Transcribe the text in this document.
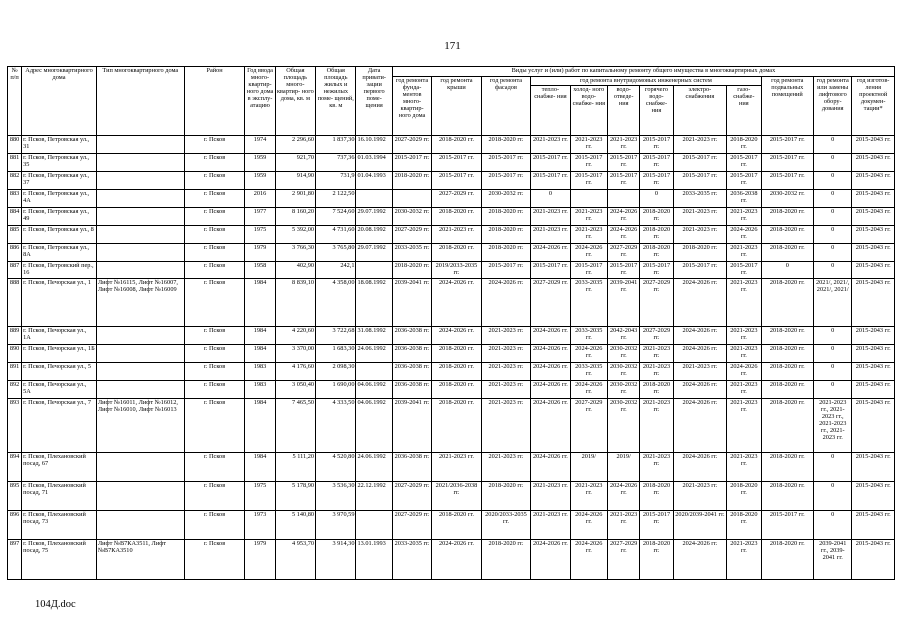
171
№ п/п	Адрес многоквартирного дома	Тип многоквартирного дома	Район	Год ввода много- квартир- ного дома в эксплу- атацию	Общая площадь много- квартир- ного дома, кв. м	Общая площадь жилых и нежилых поме- щений, кв. м	Дата привати- зации первого поме- щения	Виды услуг и (или) работ по капитальному ремонту общего имущества в многоквартирных домах											
								год ремонта фунда- ментов много- квартир- ного дома	год ремонта крыши	год ремонта фасадов	год ремонта внутридомовых инженерных систем						год ремонта подвальных помещений	год ремонта или замены лифтового обору- дования	год изготов- ления проектной докумен- тации*
											тепло- снабже- ния	холод- ного водо- снабже- ния	водо- отведе- ния	горячего водо- снабже- ния	электро- снабжения	газо- снабже- ния			
880	г. Псков, Петровская ул., 31		г. Псков	1974	2 296,60	1 837,30	16.10.1992	2027-2029 гг.	2018-2020 гг.	2018-2020 гг.	2021-2023 гг.	2021-2023 гг.	2021-2023 гг.	2015-2017 гг.	2021-2023 гг.	2018-2020 гг.	2015-2017 гг.	0	2015-2043 гг.
881	г. Псков, Петровская ул., 35		г. Псков	1959	921,70	737,36	01.03.1994	2015-2017 гг.	2015-2017 гг.	2015-2017 гг.	2015-2017 гг.	2015-2017 гг.	2015-2017 гг.	2015-2017 гг.	2015-2017 гг.	2015-2017 гг.	2015-2017 гг.	0	2015-2043 гг.
882	г. Псков, Петровская ул., 37		г. Псков	1959	914,90	731,9	01.04.1993	2018-2020 гг.	2015-2017 гг.	2015-2017 гг.	2015-2017 гг.	2015-2017 гг.	2015-2017 гг.	2015-2017 гг.	2015-2017 гг.	2015-2017 гг.	2015-2017 гг.	0	2015-2043 гг.
883	г. Псков, Петровская ул., 4А		г. Псков	2016	2 901,80	2 122,50			2027-2029 гг.	2030-2032 гг.	0			0	2033-2035 гг.	2036-2038 гг.	2030-2032 гг.	0	2015-2043 гг.
884	г. Псков, Петровская ул., 49		г. Псков	1977	8 160,20	7 524,60	29.07.1992	2030-2032 гг.	2018-2020 гг.	2018-2020 гг.	2021-2023 гг.	2021-2023 гг.	2024-2026 гг.	2018-2020 гг.	2021-2023 гг.	2021-2023 гг.	2018-2020 гг.	0	2015-2043 гг.
885	г. Псков, Петровская ул., 8		г. Псков	1975	5 392,00	4 731,60	20.08.1992	2027-2029 гг.	2021-2023 гг.	2018-2020 гг.	2021-2023 гг.	2021-2023 гг.	2024-2026 гг.	2018-2020 гг.	2021-2023 гг.	2024-2026 гг.	2018-2020 гг.	0	2015-2043 гг.
886	г. Псков, Петровская ул., 8А		г. Псков	1979	3 766,30	3 765,80	29.07.1992	2033-2035 гг.	2018-2020 гг.	2018-2020 гг.	2024-2026 гг.	2024-2026 гг.	2027-2029 гг.	2018-2020 гг.	2018-2020 гг.	2021-2023 гг.	2018-2020 гг.	0	2015-2043 гг.
887	г. Псков, Петровский пер., 16		г. Псков	1958	402,90	242,1		2018-2020 гг.	2019/2033-2035 гг.	2015-2017 гг.	2015-2017 гг.	2015-2017 гг.	2015-2017 гг.	2015-2017 гг.	2015-2017 гг.	2015-2017 гг.	0	0	2015-2043 гг.
888	г. Псков, Печорская ул., 1	Лифт №16115, Лифт №16007, Лифт №16008, Лифт №16009	г. Псков	1984	8 839,10	4 358,00	18.08.1992	2039-2041 гг.	2024-2026 гг.	2024-2026 гг.	2027-2029 гг.	2033-2035 гг.	2039-2041 гг.	2027-2029 гг.	2024-2026 гг.	2021-2023 гг.	2018-2020 гг.	2021/, 2021/, 2021/, 2021/	2015-2043 гг.
889	г. Псков, Печорская ул., 1А		г. Псков	1984	4 220,60	3 722,68	31.08.1992	2036-2038 гг.	2024-2026 гг.	2021-2023 гг.	2024-2026 гг.	2033-2035 гг.	2042-2043 гг.	2027-2029 гг.	2024-2026 гг.	2021-2023 гг.	2018-2020 гг.	0	2015-2043 гг.
890	г. Псков, Печорская ул., 1Б		г. Псков	1984	3 370,00	1 683,30	24.06.1992	2036-2038 гг.	2018-2020 гг.	2021-2023 гг.	2024-2026 гг.	2024-2026 гг.	2030-2032 гг.	2021-2023 гг.	2024-2026 гг.	2021-2023 гг.	2018-2020 гг.	0	2015-2043 гг.
891	г. Псков, Печорская ул., 5		г. Псков	1983	4 176,60	2 098,30		2036-2038 гг.	2018-2020 гг.	2021-2023 гг.	2024-2026 гг.	2033-2035 гг.	2030-2032 гг.	2021-2023 гг.	2021-2023 гг.	2024-2026 гг.	2018-2020 гг.	0	2015-2043 гг.
892	г. Псков, Печорская ул., 5А		г. Псков	1983	3 050,40	1 690,00	04.06.1992	2036-2038 гг.	2018-2020 гг.	2021-2023 гг.	2024-2026 гг.	2024-2026 гг.	2030-2032 гг.	2018-2020 гг.	2024-2026 гг.	2021-2023 гг.	2018-2020 гг.	0	2015-2043 гг.
893	г. Псков, Печорская ул., 7	Лифт №16011, Лифт №16012, Лифт №16010, Лифт №16013	г. Псков	1984	7 465,50	4 333,50	04.06.1992	2039-2041 гг.	2018-2020 гг.	2021-2023 гг.	2024-2026 гг.	2027-2029 гг.	2030-2032 гг.	2021-2023 гг.	2024-2026 гг.	2021-2023 гг.	2018-2020 гг.	2021-2023 гг., 2021-2023 гг., 2021-2023 гг., 2021-2023 гг.	2015-2043 гг.
894	г. Псков, Плехановский посад, 67		г. Псков	1984	5 111,20	4 520,80	24.06.1992	2036-2038 гг.	2021-2023 гг.	2021-2023 гг.	2024-2026 гг.	2019/	2019/	2021-2023 гг.	2024-2026 гг.	2021-2023 гг.	2018-2020 гг.	0	2015-2043 гг.
895	г. Псков, Плехановский посад, 71		г. Псков	1975	5 178,90	3 536,30	22.12.1992	2027-2029 гг.	2021/2036-2038 гг.	2018-2020 гг.	2021-2023 гг.	2021-2023 гг.	2024-2026 гг.	2018-2020 гг.	2021-2023 гг.	2018-2020 гг.	2018-2020 гг.	0	2015-2043 гг.
896	г. Псков, Плехановский посад, 73		г. Псков	1973	5 140,80	3 970,59		2027-2029 гг.	2018-2020 гг.	2020/2033-2035 гг.	2021-2023 гг.	2024-2026 гг.	2021-2023 гг.	2015-2017 гг.	2020/2039-2041 гг.	2018-2020 гг.	2015-2017 гг.	0	2015-2043 гг.
897	г. Псков, Плехановский посад, 75	Лифт №В7КА3511, Лифт №В7КА3510	г. Псков	1979	4 953,70	3 914,30	13.01.1993	2033-2035 гг.	2024-2026 гг.	2018-2020 гг.	2024-2026 гг.	2024-2026 гг.	2027-2029 гг.	2018-2020 гг.	2024-2026 гг.	2021-2023 гг.	2018-2020 гг.	2039-2041 гг., 2039-2041 гг.	2015-2043 гг.
104Д.doc
